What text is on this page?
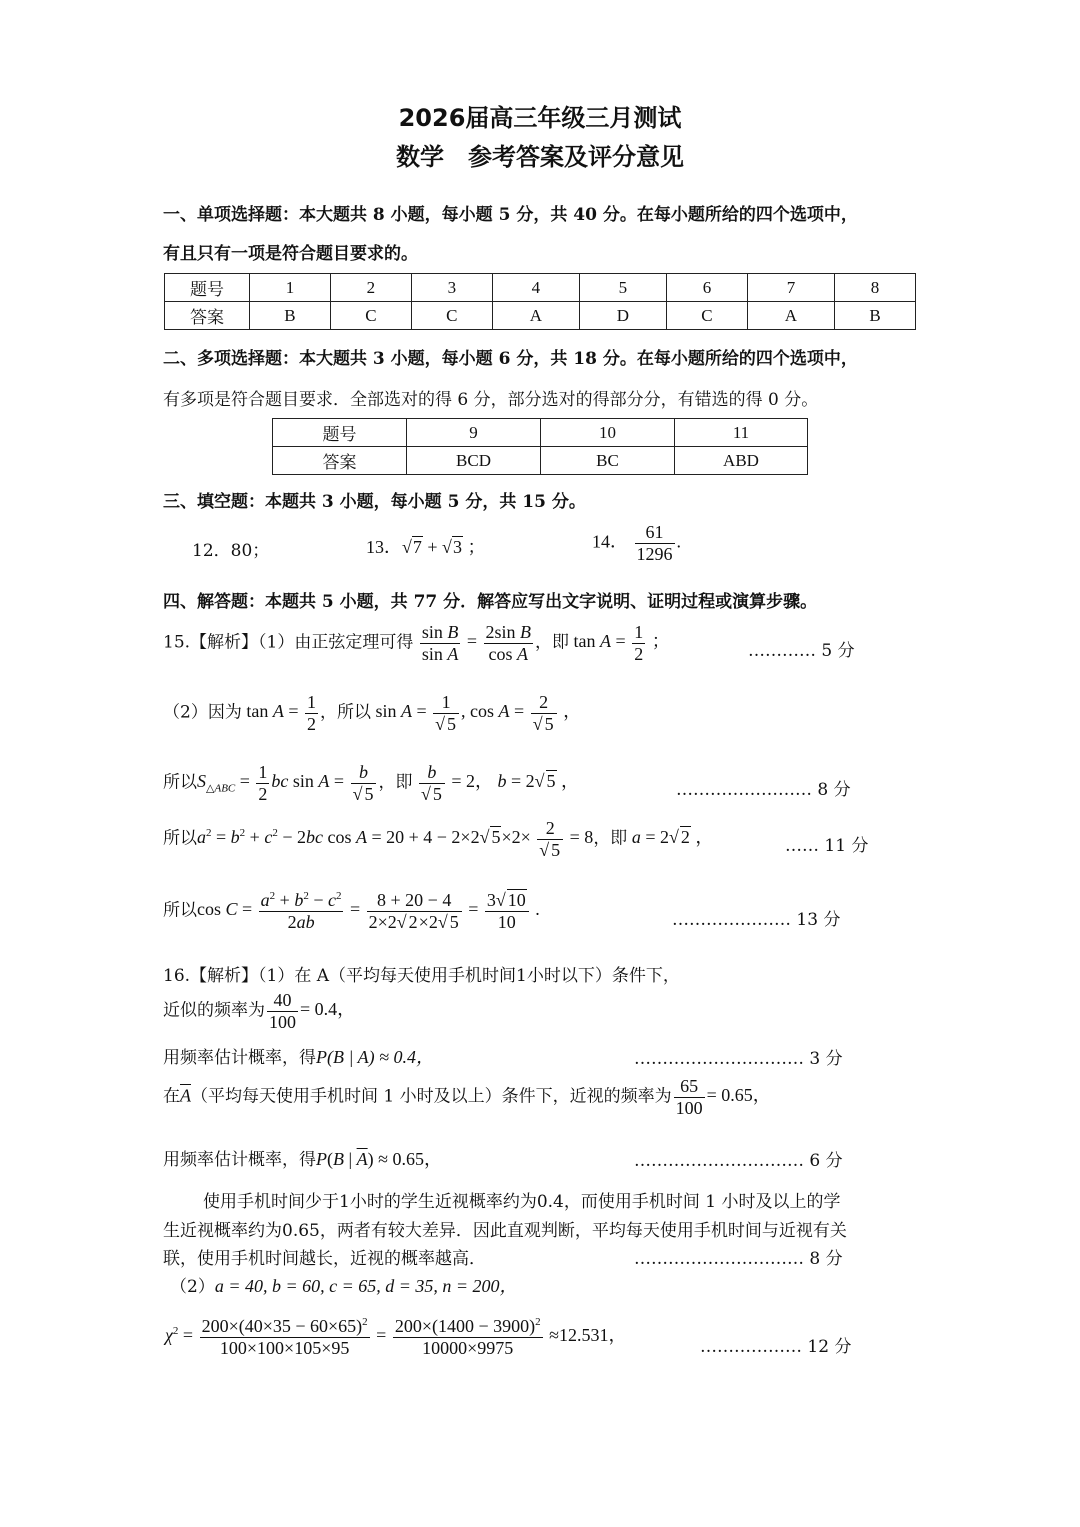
2026届高三年级三月测试
数学　参考答案及评分意见
一、单项选择题：本大题共 8 小题，每小题 5 分，共 40 分。在每小题所给的四个选项中，
有且只有一项是符合题目要求的。
题号	1	2	3	4	5	6	7	8
答案	B	C	C	A	D	C	A	B
二、多项选择题：本大题共 3 小题，每小题 6 分，共 18 分。在每小题所给的四个选项中，
有多项是符合题目要求．全部选对的得 6 分，部分选对的得部分分，有错选的得 0 分。
题号	9	10	11
答案	BCD	BC	ABD
三、填空题：本题共 3 小题，每小题 5 分，共 15 分。
12．80；	13．√7 + √3 ；	14． $\frac{61}{1296}$ .
四、解答题：本题共 5 小题，共 77 分．解答应写出文字说明、证明过程或演算步骤。
15.【解析】（1）由正弦定理可得 $\frac{\text{sin B}}{\text{sin A}} = \frac{\text{2sin B}}{\text{cos A}}$ ，即 $\tan A = \frac{1}{2}$ ；	………… 5 分
（2）因为 $\tan A = \frac{1}{2}$ ，所以 $\sin A = \frac{1}{√ 5}$ , $\cos A = \frac{2}{√ 5}$ ，
所以$S_{\triangle ABC} = \frac{1}{2}$ bc $\sin A = \frac{b}{√ 5}$ ，即 $\frac{b}{√ 5} = 2$， b = 2√ 5 ，	…………………… 8 分
所以$a^2 = b^2 + c^2 - 2bc$ cos A = 20 + 4 − 2×2√ $5\times 2\times \frac{2}{√ 5} = 8$，即 a = 2√ 2 ，	…… 11 分
所以$\cos C = \frac{a^2 + b^2 - c^2}{2ab} = \frac{8 + 20 - 4}{2\times 2√ 2\times 2√ 5} = \frac{3√ 10}{10}$ .
………………… 13 分
16.【解析】（1）在 A（平均每天使用手机时间1小时以下）条件下，
近似的频率为 $\frac{40}{100} = 0.4$，
用频率估计概率，得P(B | A) ≈ 0.4，	………………………… 3 分
在$\overline{A}$（平均每天使用手机时间 1 小时及以上）条件下，近视的频率为 $\frac{65}{100} = 0.65$，
用频率估计概率，得P(B | $\overline{A}) \approx 0.65$，	………………………… 6 分
使用手机时间少于1小时的学生近视概率约为0.4，而使用手机时间 1 小时及以上的学
生近视概率约为0.65，两者有较大差异．因此直观判断，平均每天使用手机时间与近视有关
联，使用手机时间越长，近视的概率越高．	………………………… 8 分
（2）a = 40, b = 60, c = 65, d = 35, n = 200，
$\chi^2 = \frac{200\times(40\times 35 - 60\times 65)^2}{100\times 100\times 105\times 95} = \frac{200\times(1400 - 3900)^2}{10000\times 9975} \approx 12.531$，
……………… 12 分
